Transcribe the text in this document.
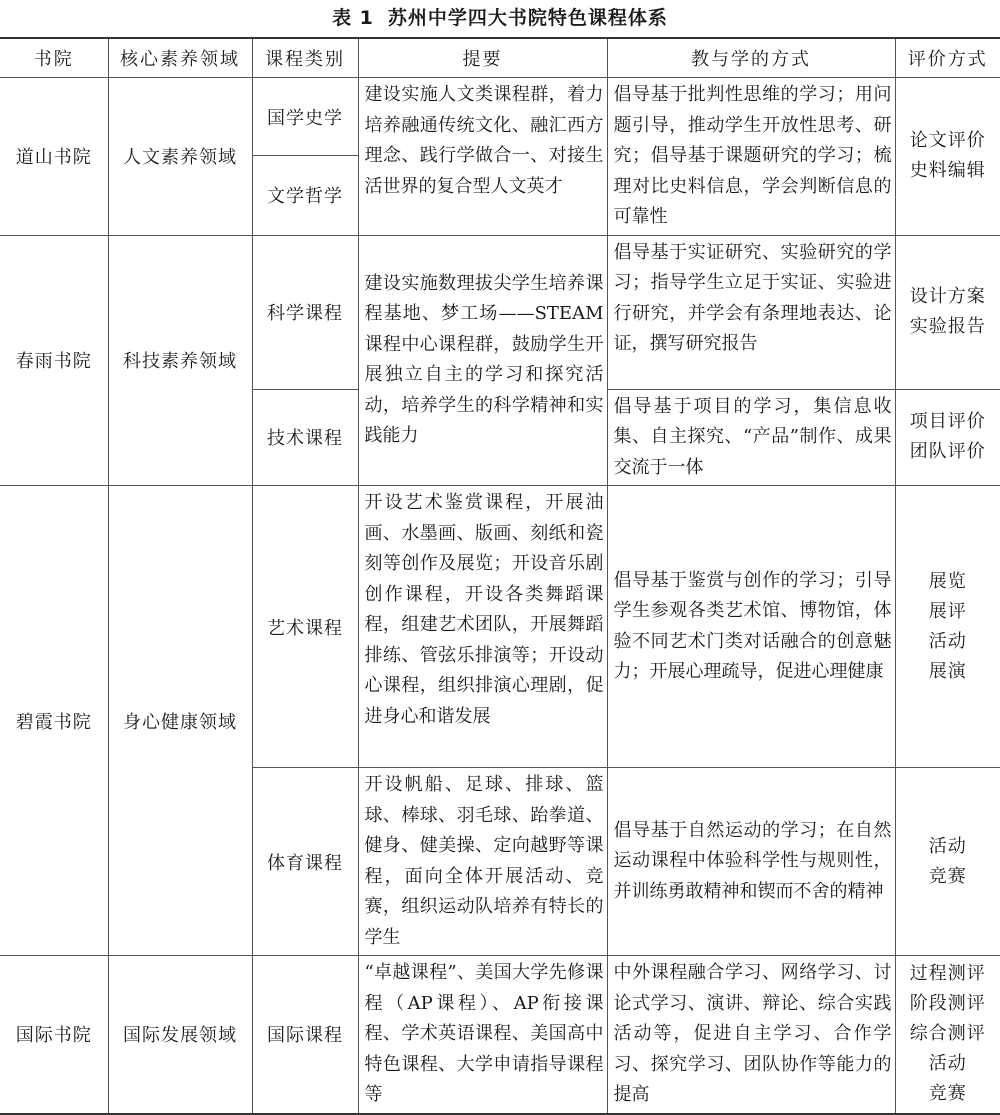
表 1 苏州中学四大书院特色课程体系
书院	核心素养领域	课程类别	提要	教与学的方式	评价方式
道山书院	人文素养领域	国学史学	建设实施人文类课程群，着力培养融通传统文化、融汇西方理念、践行学做合一、对接生活世界的复合型人文英才	倡导基于批判性思维的学习；用问题引导，推动学生开放性思考、研究；倡导基于课题研究的学习；梳理对比史料信息，学会判断信息的可靠性	论文评价
史料编辑

		文学哲学			
春雨书院	科技素养领域	科学课程	建设实施数理拔尖学生培养课程基地、梦工场——STEAM课程中心课程群，鼓励学生开展独立自主的学习和探究活动，培养学生的科学精神和实践能力	倡导基于实证研究、实验研究的学习；指导学生立足于实证、实验进行研究，并学会有条理地表达、论证，撰写研究报告	设计方案
实验报告

		技术课程		倡导基于项目的学习，集信息收集、自主探究、“产品”制作、成果交流于一体	项目评价
团队评价

碧霞书院	身心健康领域	艺术课程	开设艺术鉴赏课程，开展油画、水墨画、版画、刻纸和瓷刻等创作及展览；开设音乐剧创作课程，开设各类舞蹈课程，组建艺术团队，开展舞蹈排练、管弦乐排演等；开设动心课程，组织排演心理剧，促进身心和谐发展	倡导基于鉴赏与创作的学习；引导学生参观各类艺术馆、博物馆，体验不同艺术门类对话融合的创意魅力；开展心理疏导，促进心理健康	展览
展评
活动
展演

		体育课程	开设帆船、足球、排球、篮球、棒球、羽毛球、跆拳道、健身、健美操、定向越野等课程，面向全体开展活动、竞赛，组织运动队培养有特长的学生	倡导基于自然运动的学习；在自然运动课程中体验科学性与规则性，并训练勇敢精神和锲而不舍的精神	活动
竞赛

国际书院	国际发展领域	国际课程	“卓越课程”、美国大学先修课程（AP课程）、AP衔接课程、学术英语课程、美国高中特色课程、大学申请指导课程等	中外课程融合学习、网络学习、讨论式学习、演讲、辩论、综合实践活动等，促进自主学习、合作学习、探究学习、团队协作等能力的提高	过程测评
阶段测评
综合测评
活动
竞赛
